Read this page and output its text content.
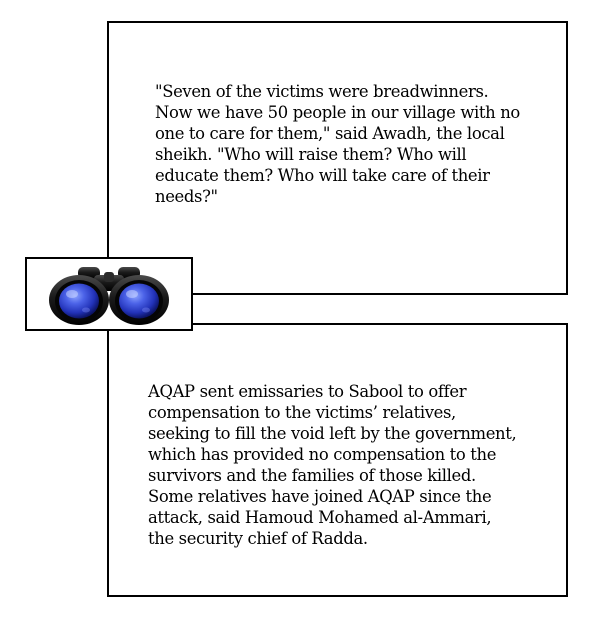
"Seven of the victims were breadwinners.
Now we have 50 people in our village with no
one to care for them," said Awadh, the local
sheikh. "Who will raise them? Who will
educate them? Who will take care of their
needs?"
AQAP sent emissaries to Sabool to offer
compensation to the victims’ relatives,
seeking to fill the void left by the government,
which has provided no compensation to the
survivors and the families of those killed.
Some relatives have joined AQAP since the
attack, said Hamoud Mohamed al-Ammari,
the security chief of Radda.
